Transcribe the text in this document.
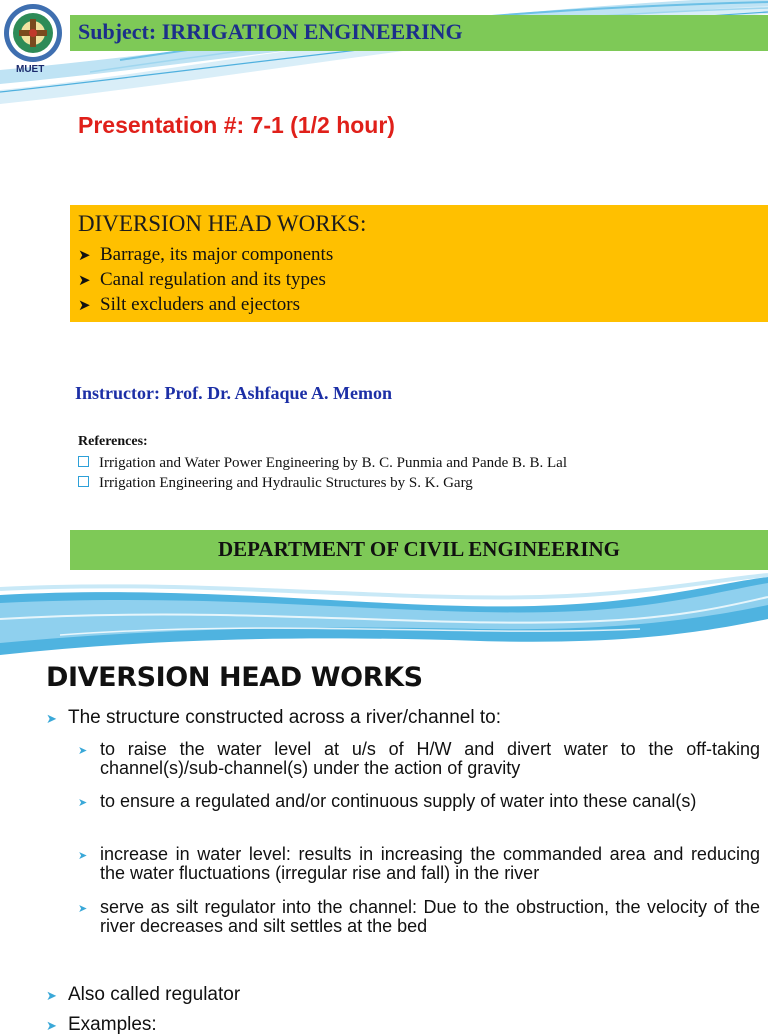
MUET
Subject: IRRIGATION ENGINEERING
Presentation #: 7-1 (1/2 hour)
DIVERSION HEAD WORKS:
➤ Barrage, its major components
➤ Canal regulation and its types
➤ Silt excluders and ejectors
Instructor: Prof. Dr. Ashfaque A. Memon
References:
Irrigation and Water Power Engineering by B. C. Punmia and Pande B. B. Lal
Irrigation Engineering and Hydraulic Structures by S. K. Garg
DEPARTMENT OF CIVIL ENGINEERING
DIVERSION HEAD WORKS
➤ The structure constructed across a river/channel to:
➤ to raise the water level at u/s of H/W and divert water to the off-taking channel(s)/sub-channel(s) under the action of gravity
➤ to ensure a regulated and/or continuous supply of water into these canal(s)
➤ increase in water level: results in increasing the commanded area and reducing the water fluctuations (irregular rise and fall) in the river
➤ serve as silt regulator into the channel: Due to the obstruction, the velocity of the river decreases and silt settles at the bed
➤ Also called regulator
➤ Examples:
